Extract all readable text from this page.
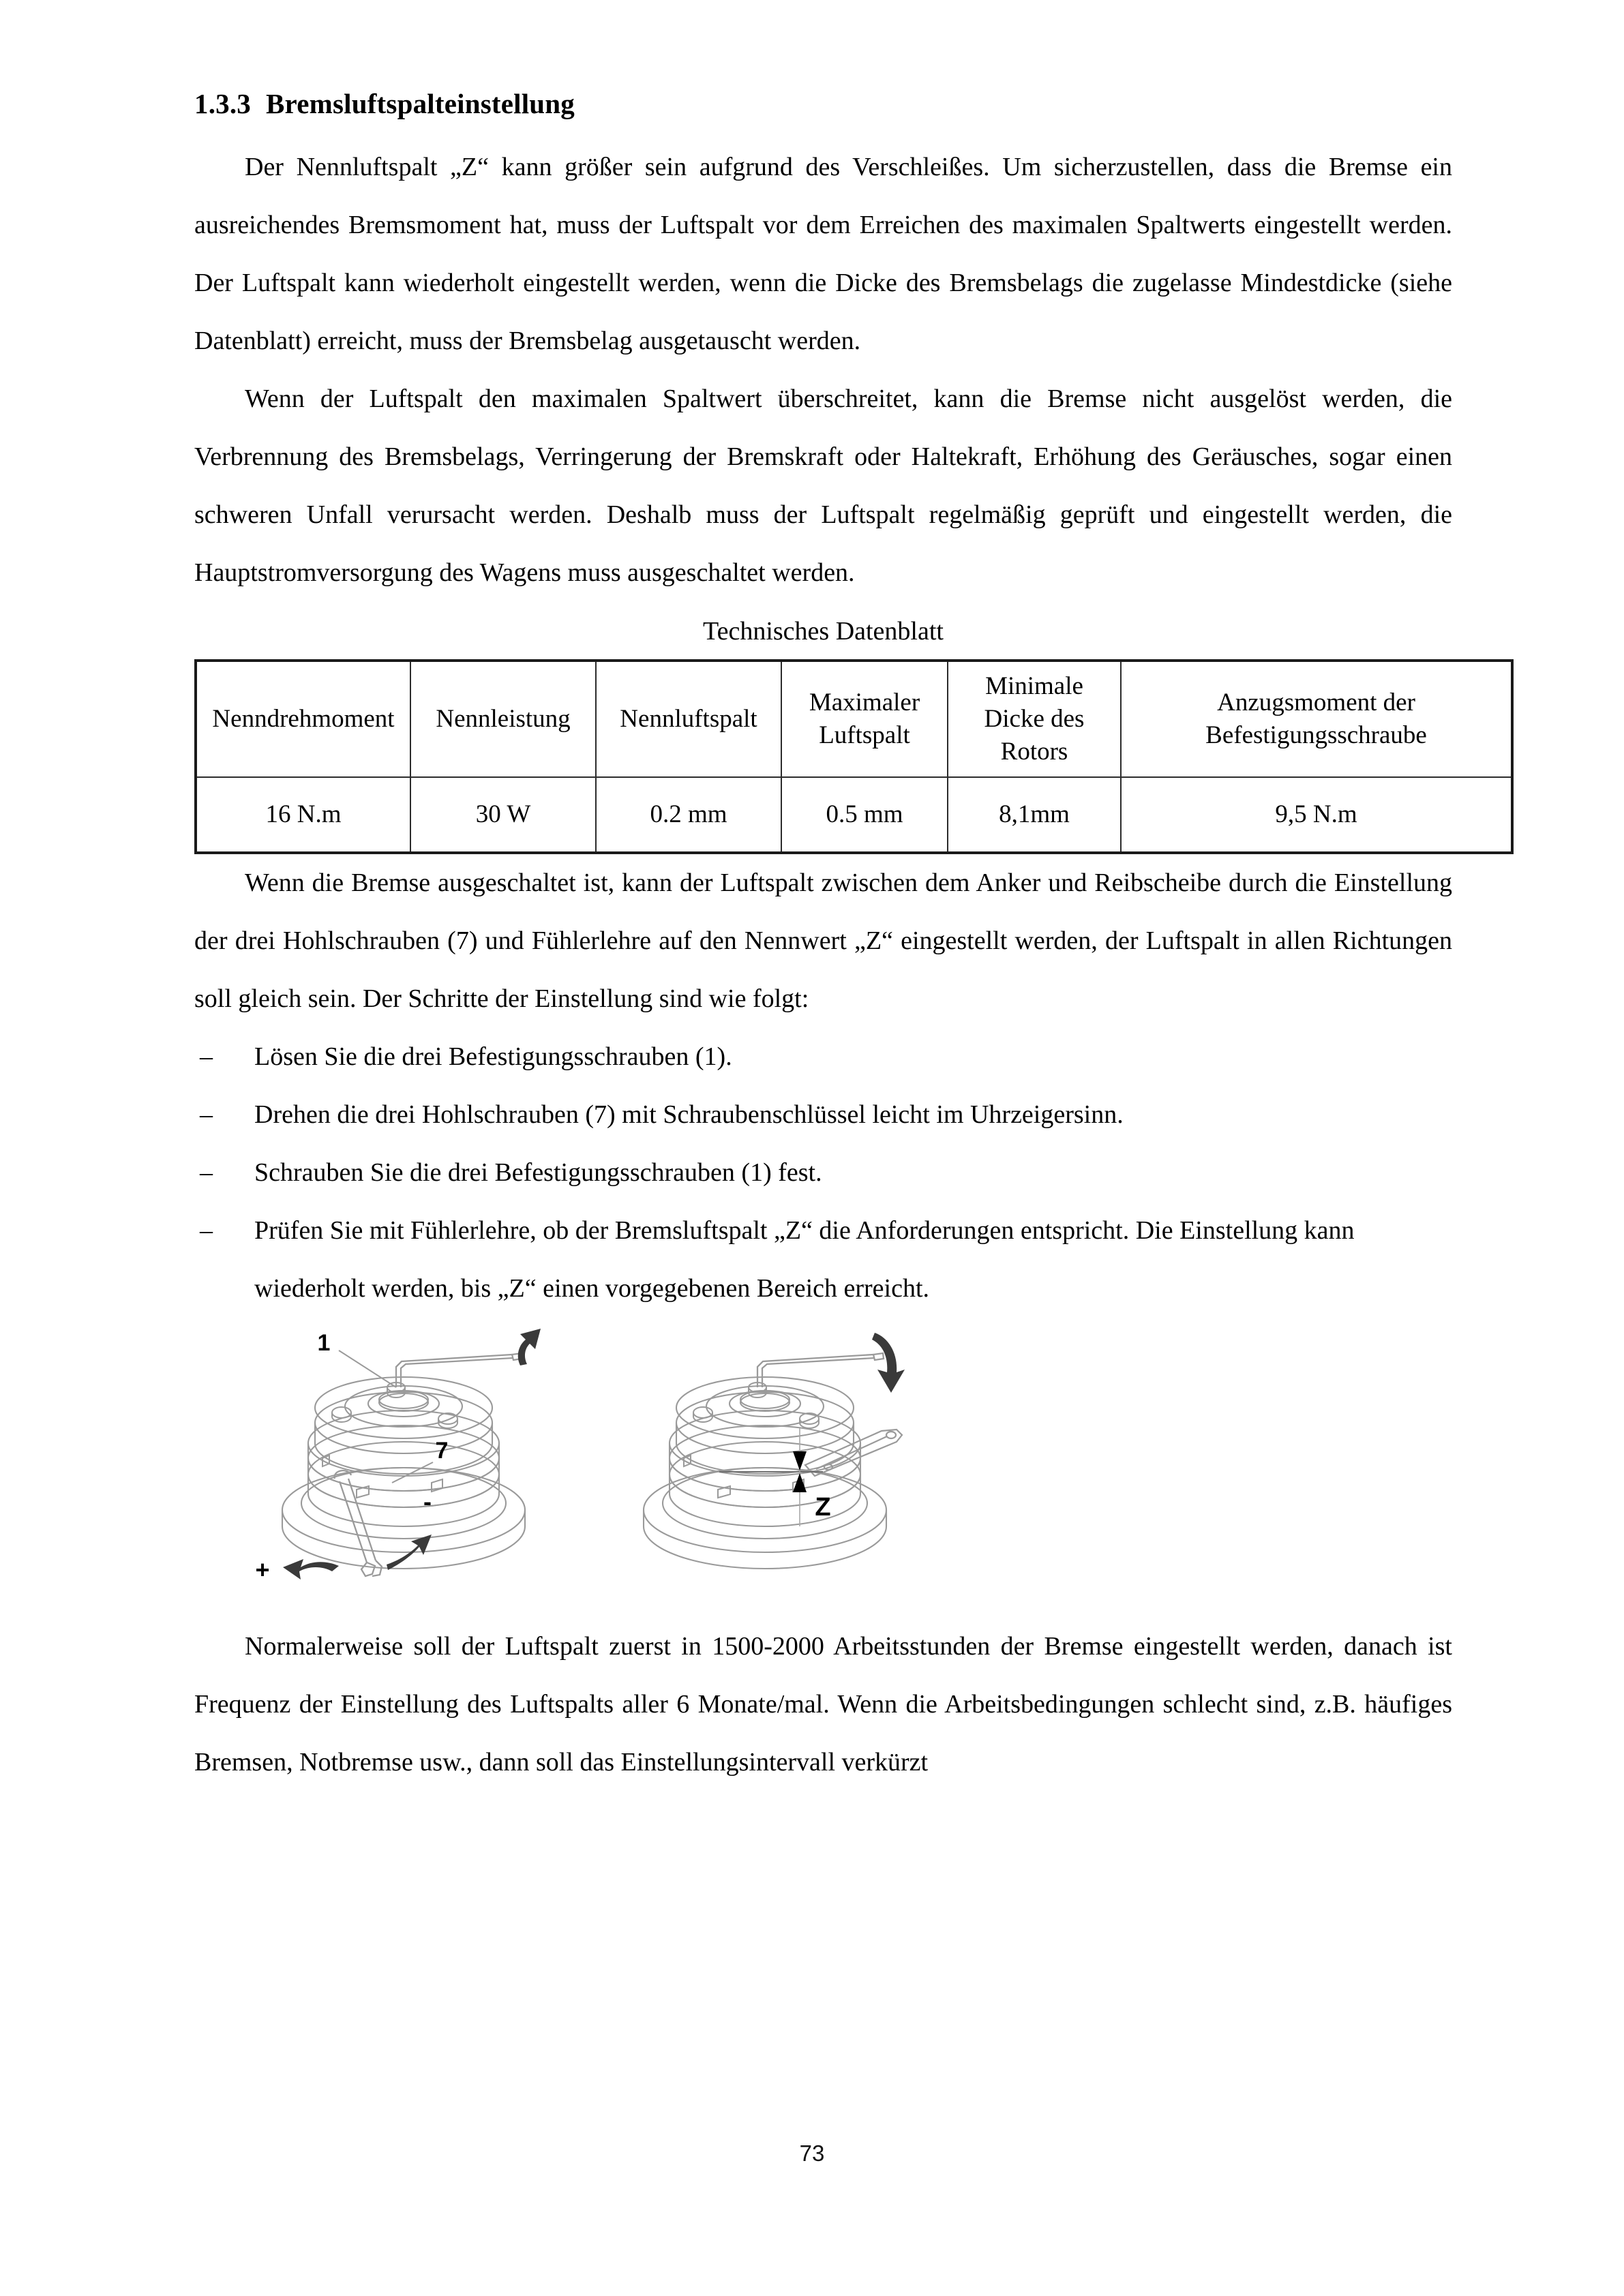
1.3.3 Bremsluftspalteinstellung

Der Nennluftspalt „Z“ kann größer sein aufgrund des Verschleißes. Um sicherzustellen, dass die Bremse ein ausreichendes Bremsmoment hat, muss der Luftspalt vor dem Erreichen des maximalen Spaltwerts eingestellt werden. Der Luftspalt kann wiederholt eingestellt werden, wenn die Dicke des Bremsbelags die zugelasse Mindestdicke (siehe Datenblatt) erreicht, muss der Bremsbelag ausgetauscht werden.

Wenn der Luftspalt den maximalen Spaltwert überschreitet, kann die Bremse nicht ausgelöst werden, die Verbrennung des Bremsbelags, Verringerung der Bremskraft oder Haltekraft, Erhöhung des Geräusches, sogar einen schweren Unfall verursacht werden. Deshalb muss der Luftspalt regelmäßig geprüft und eingestellt werden, die Hauptstromversorgung des Wagens muss ausgeschaltet werden.

Technisches Datenblatt
Nenndrehmoment	Nennleistung	Nennluftspalt	Maximaler Luftspalt	Minimale Dicke des Rotors	Anzugsmoment der Befestigungsschraube
16 N.m	30 W	0.2 mm	0.5 mm	8,1mm	9,5 N.m

Wenn die Bremse ausgeschaltet ist, kann der Luftspalt zwischen dem Anker und Reibscheibe durch die Einstellung der drei Hohlschrauben (7) und Fühlerlehre auf den Nennwert „Z“ eingestellt werden, der Luftspalt in allen Richtungen soll gleich sein. Der Schritte der Einstellung sind wie folgt:

– Lösen Sie die drei Befestigungsschrauben (1).
– Drehen die drei Hohlschrauben (7) mit Schraubenschlüssel leicht im Uhrzeigersinn.
– Schrauben Sie die drei Befestigungsschrauben (1) fest.
– Prüfen Sie mit Fühlerlehre, ob der Bremsluftspalt „Z“ die Anforderungen entspricht. Die Einstellung kann wiederholt werden, bis „Z“ einen vorgegebenen Bereich erreicht.
1
7
+
-	Z

Normalerweise soll der Luftspalt zuerst in 1500-2000 Arbeitsstunden der Bremse eingestellt werden, danach ist Frequenz der Einstellung des Luftspalts aller 6 Monate/mal. Wenn die Arbeitsbedingungen schlecht sind, z.B. häufiges Bremsen, Notbremse usw., dann soll das Einstellungsintervall verkürzt

73
